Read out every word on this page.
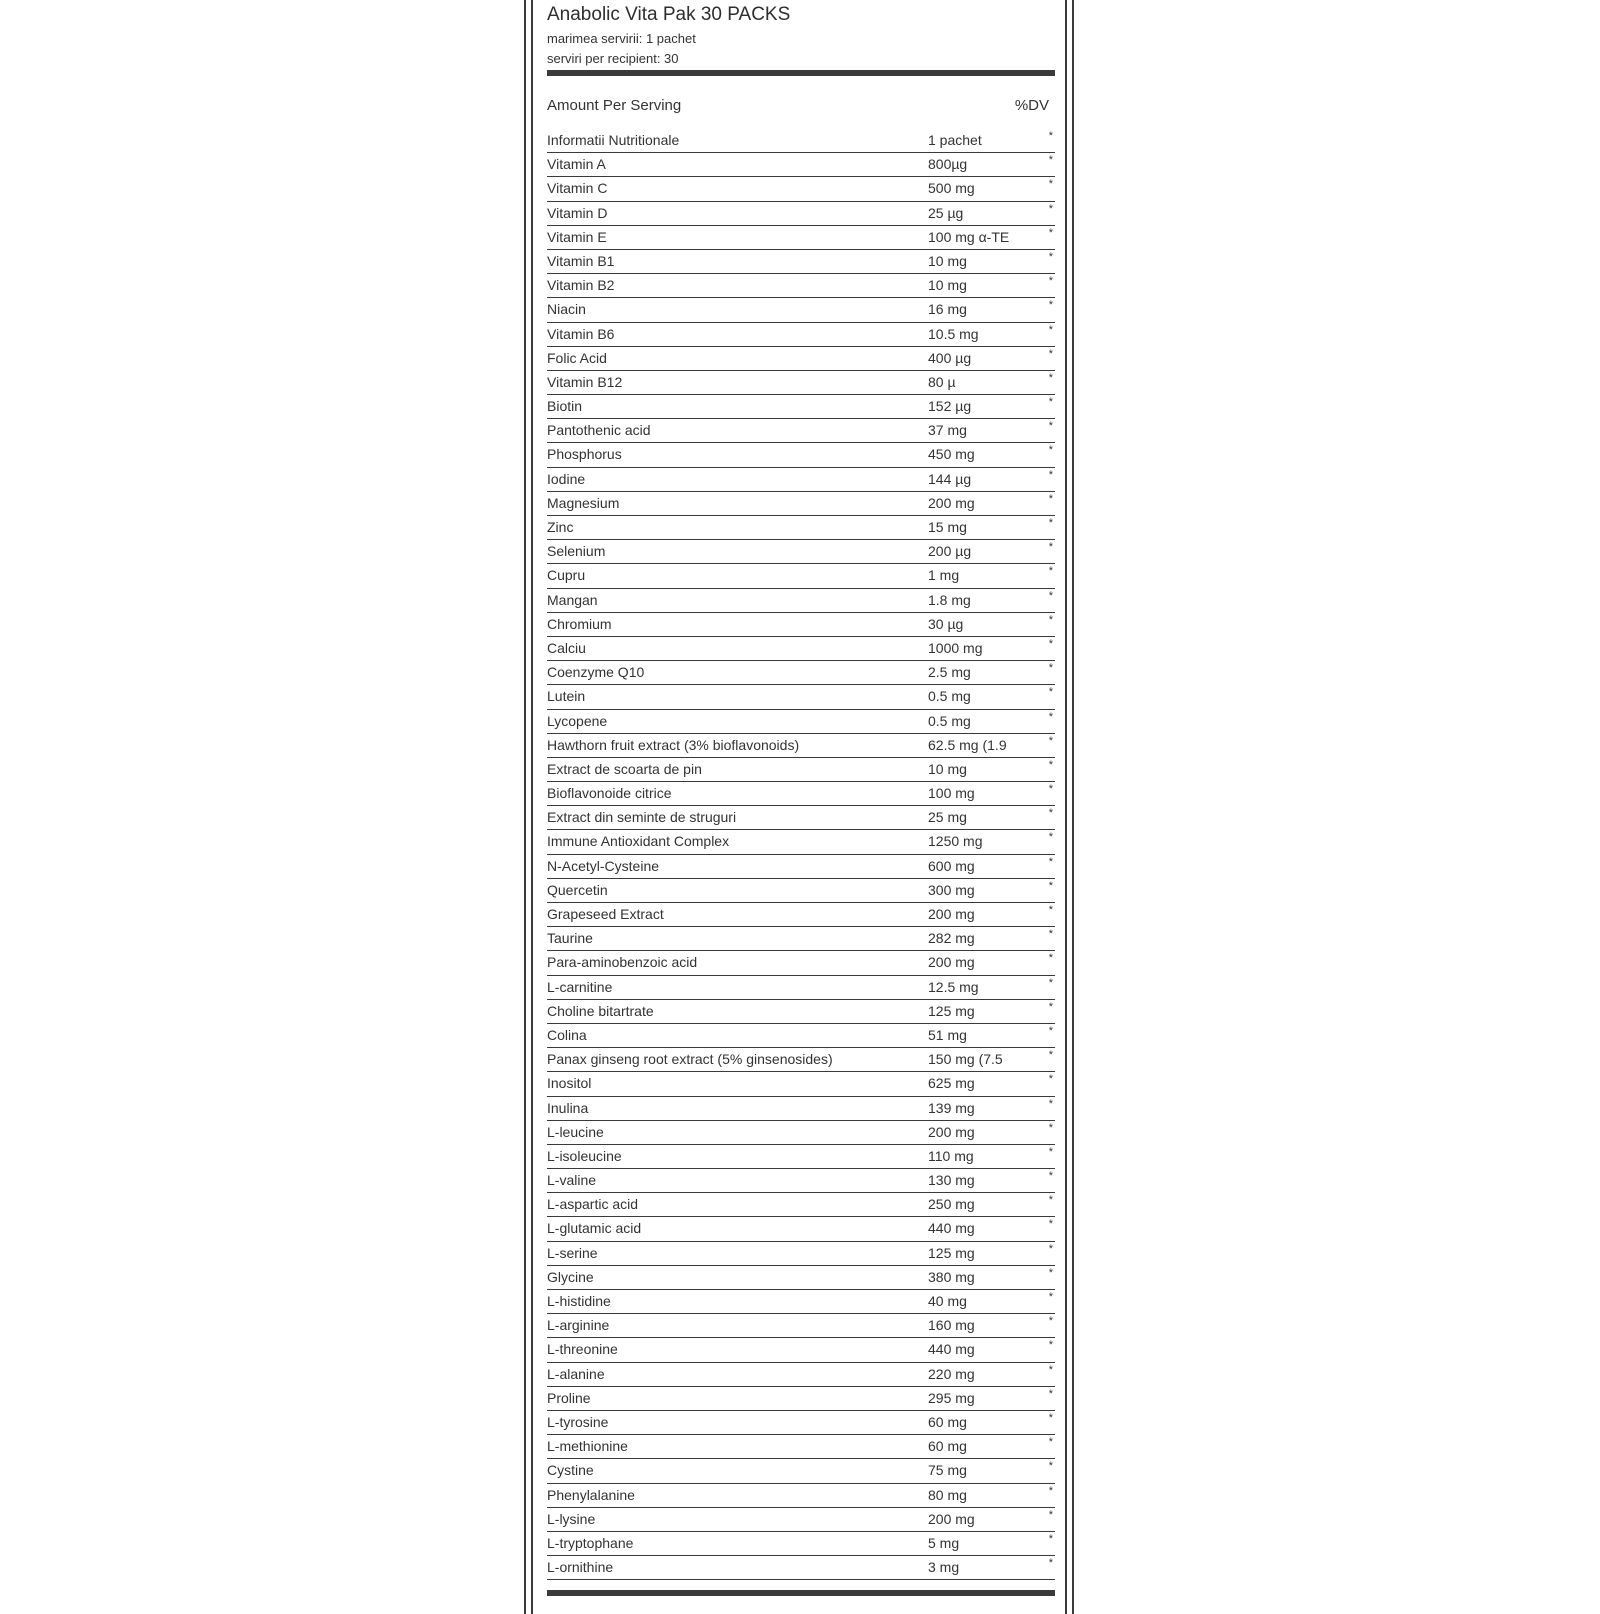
Anabolic Vita Pak 30 PACKS
marimea servirii: 1 pachet
serviri per recipient: 30
Amount Per Serving	%DV
Informatii Nutritionale	1 pachet	*
Vitamin A	800µg	*
Vitamin C	500 mg	*
Vitamin D	25 µg	*
Vitamin E	100 mg α-TE	*
Vitamin B1	10 mg	*
Vitamin B2	10 mg	*
Niacin	16 mg	*
Vitamin B6	10.5 mg	*
Folic Acid	400 µg	*
Vitamin B12	80 µ	*
Biotin	152 µg	*
Pantothenic acid	37 mg	*
Phosphorus	450 mg	*
Iodine	144 µg	*
Magnesium	200 mg	*
Zinc	15 mg	*
Selenium	200 µg	*
Cupru	1 mg	*
Mangan	1.8 mg	*
Chromium	30 µg	*
Calciu	1000 mg	*
Coenzyme Q10	2.5 mg	*
Lutein	0.5 mg	*
Lycopene	0.5 mg	*
Hawthorn fruit extract (3% bioflavonoids)	62.5 mg (1.9	*
Extract de scoarta de pin	10 mg	*
Bioflavonoide citrice	100 mg	*
Extract din seminte de struguri	25 mg	*
Immune Antioxidant Complex	1250 mg	*
N-Acetyl-Cysteine	600 mg	*
Quercetin	300 mg	*
Grapeseed Extract	200 mg	*
Taurine	282 mg	*
Para-aminobenzoic acid	200 mg	*
L-carnitine	12.5 mg	*
Choline bitartrate	125 mg	*
Colina	51 mg	*
Panax ginseng root extract (5% ginsenosides)	150 mg (7.5	*
Inositol	625 mg	*
Inulina	139 mg	*
L-leucine	200 mg	*
L-isoleucine	110 mg	*
L-valine	130 mg	*
L-aspartic acid	250 mg	*
L-glutamic acid	440 mg	*
L-serine	125 mg	*
Glycine	380 mg	*
L-histidine	40 mg	*
L-arginine	160 mg	*
L-threonine	440 mg	*
L-alanine	220 mg	*
Proline	295 mg	*
L-tyrosine	60 mg	*
L-methionine	60 mg	*
Cystine	75 mg	*
Phenylalanine	80 mg	*
L-lysine	200 mg	*
L-tryptophane	5 mg	*
L-ornithine	3 mg	*
